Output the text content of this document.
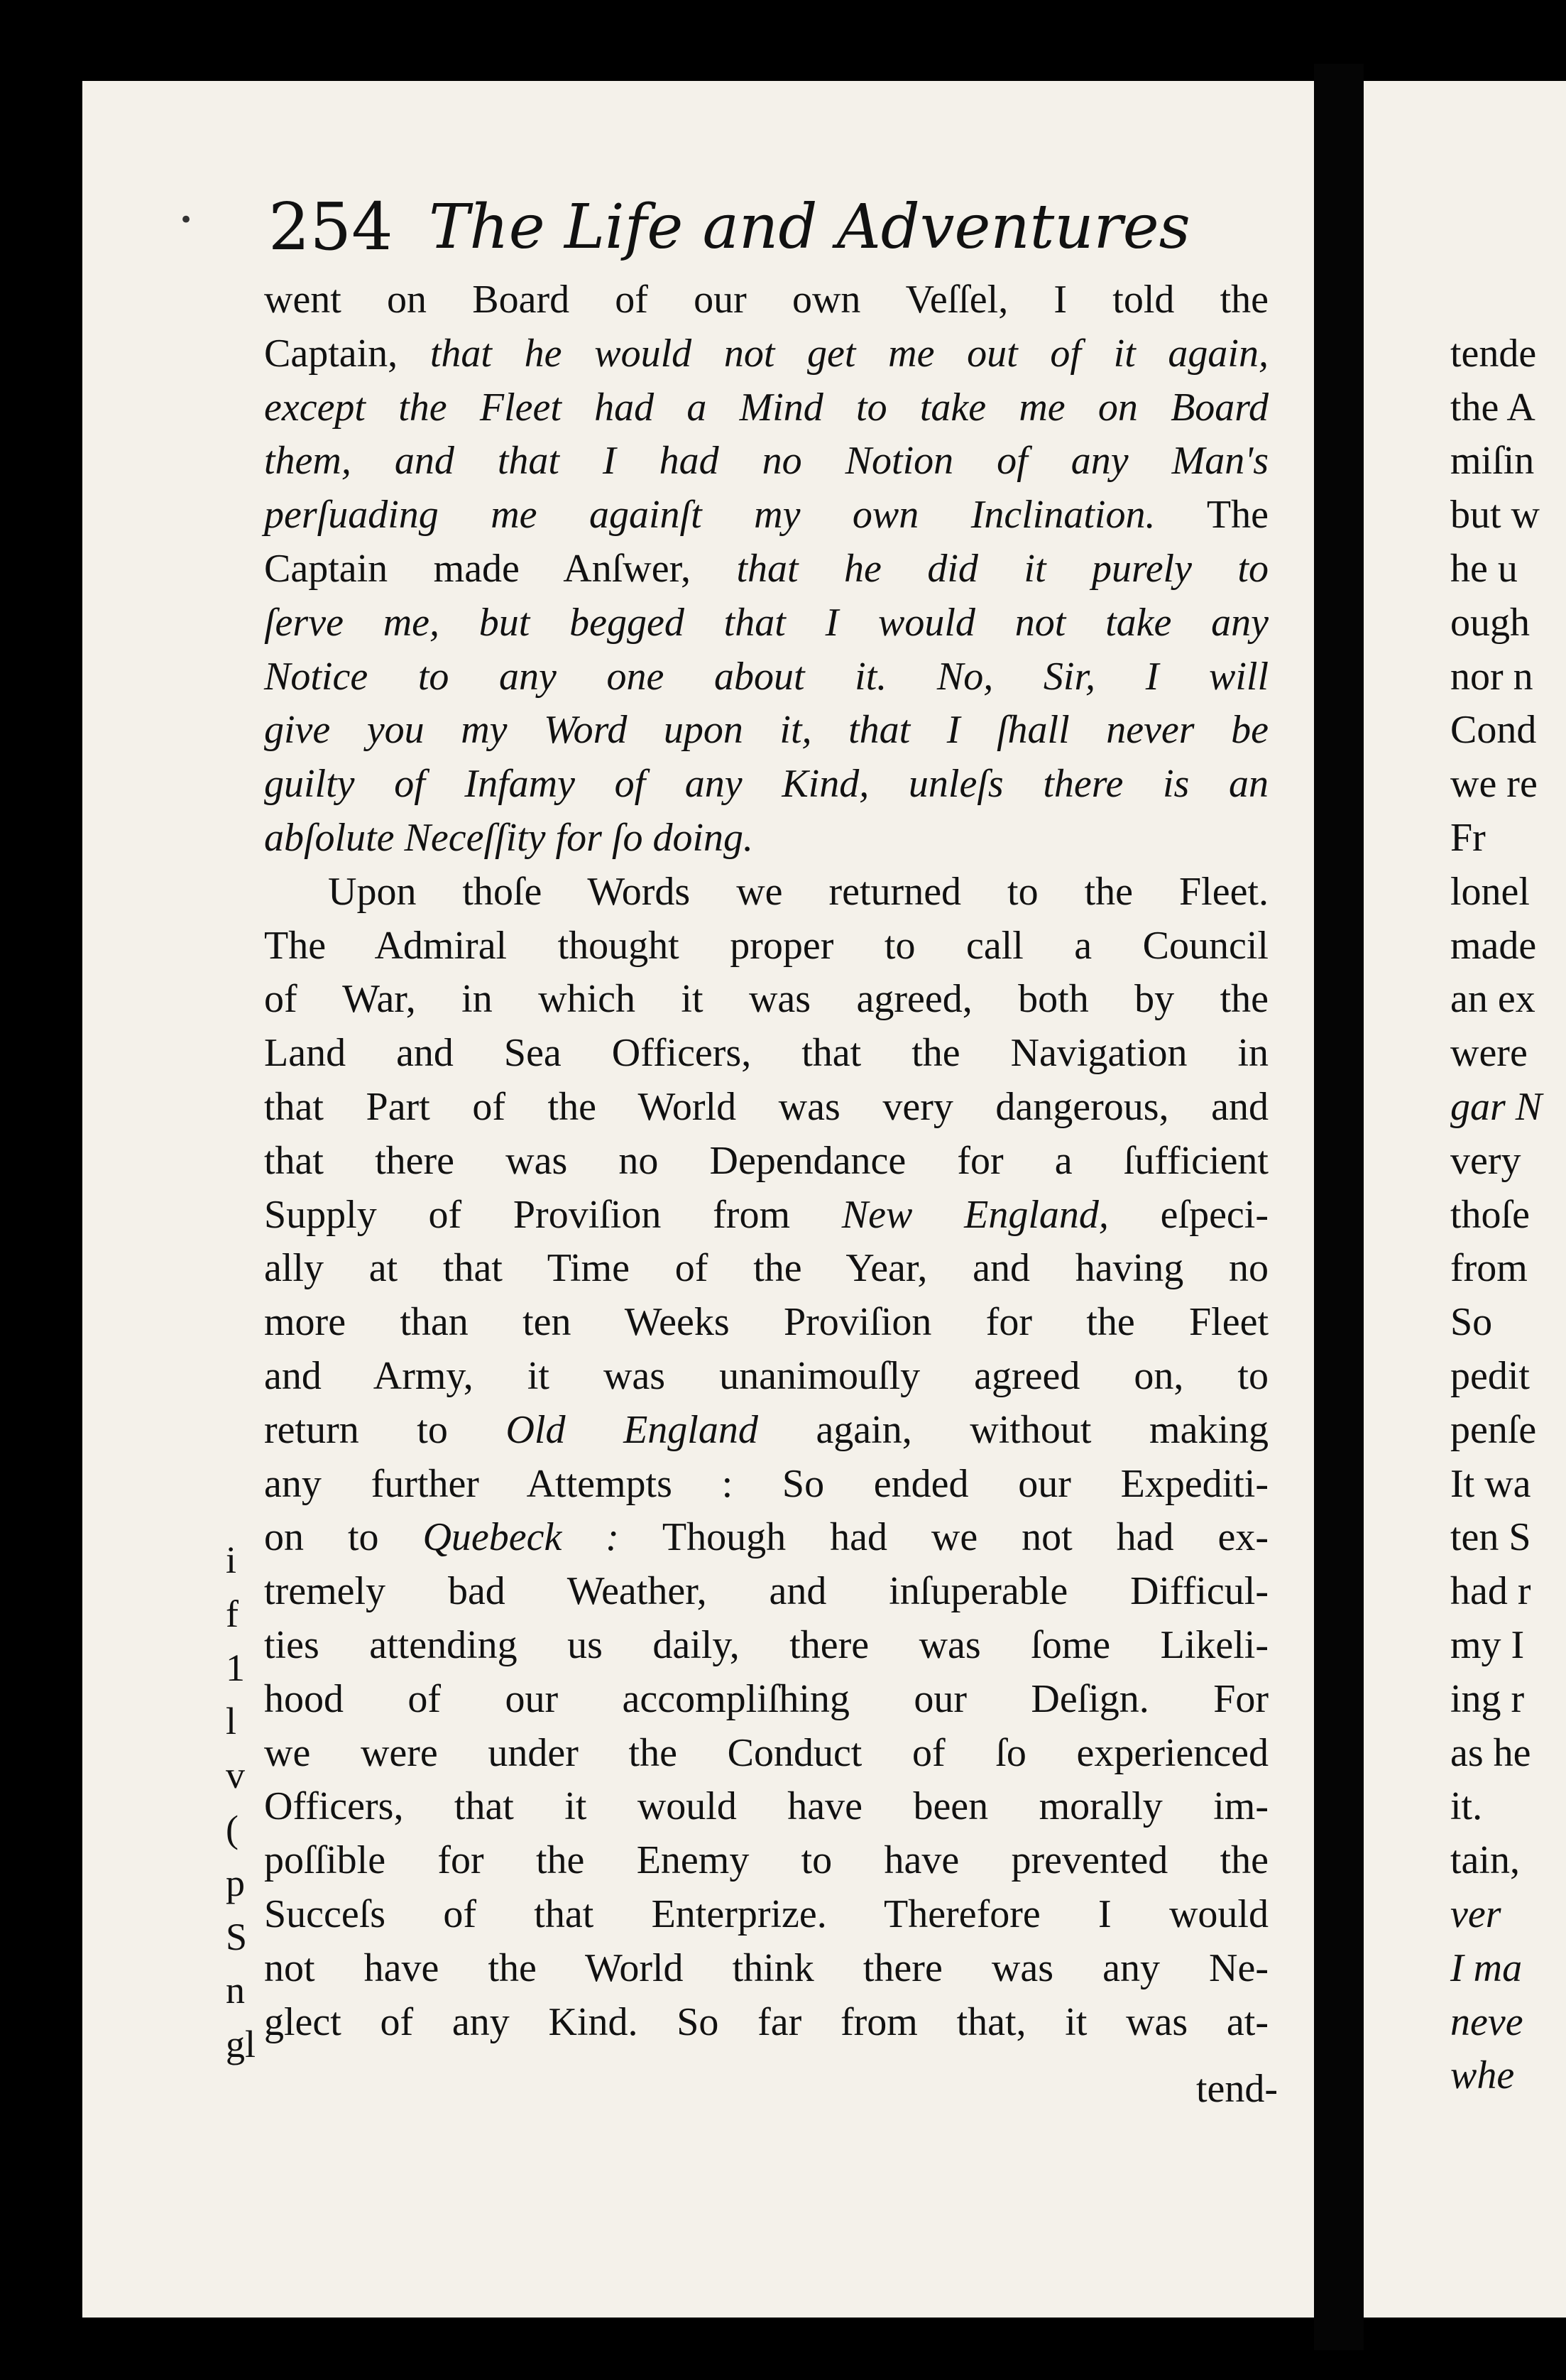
254 The Life and Adventures
went on Board of our own Veſſel, I told the
Captain, that he would not get me out of it again,
except the Fleet had a Mind to take me on Board
them, and that I had no Notion of any Man's
perſuading me againſt my own Inclination. The
Captain made Anſwer, that he did it purely to
ſerve me, but begged that I would not take any
Notice to any one about it. No, Sir, I will
give you my Word upon it, that I ſhall never be
guilty of Infamy of any Kind, unleſs there is an
abſolute Neceſſity for ſo doing.
Upon thoſe Words we returned to the Fleet.
The Admiral thought proper to call a Council
of War, in which it was agreed, both by the
Land and Sea Officers, that the Navigation in
that Part of the World was very dangerous, and
that there was no Dependance for a ſufficient
Supply of Proviſion from New England, eſpeci-
ally at that Time of the Year, and having no
more than ten Weeks Proviſion for the Fleet
and Army, it was unanimouſly agreed on, to
return to Old England again, without making
any further Attempts : So ended our Expediti-
on to Quebeck : Though had we not had ex-
tremely bad Weather, and inſuperable Difficul-
ties attending us daily, there was ſome Likeli-
hood of our accompliſhing our Deſign. For
we were under the Conduct of ſo experienced
Officers, that it would have been morally im-
poſſible for the Enemy to have prevented the
Succeſs of that Enterprize. Therefore I would
not have the World think there was any Ne-
glect of any Kind. So far from that, it was at-
tend-
i
f
1
l
v
(
p
S
n
gl
tende
the A
miſin
but w
he u
ough
nor n
Cond
we re
Fr
lonel
made
an ex
were
gar N
very
thoſe
from
So
pedit
penſe
It wa
ten S
had r
my I
ing r
as he
it.
tain,
ver
I ma
neve
whe
•
